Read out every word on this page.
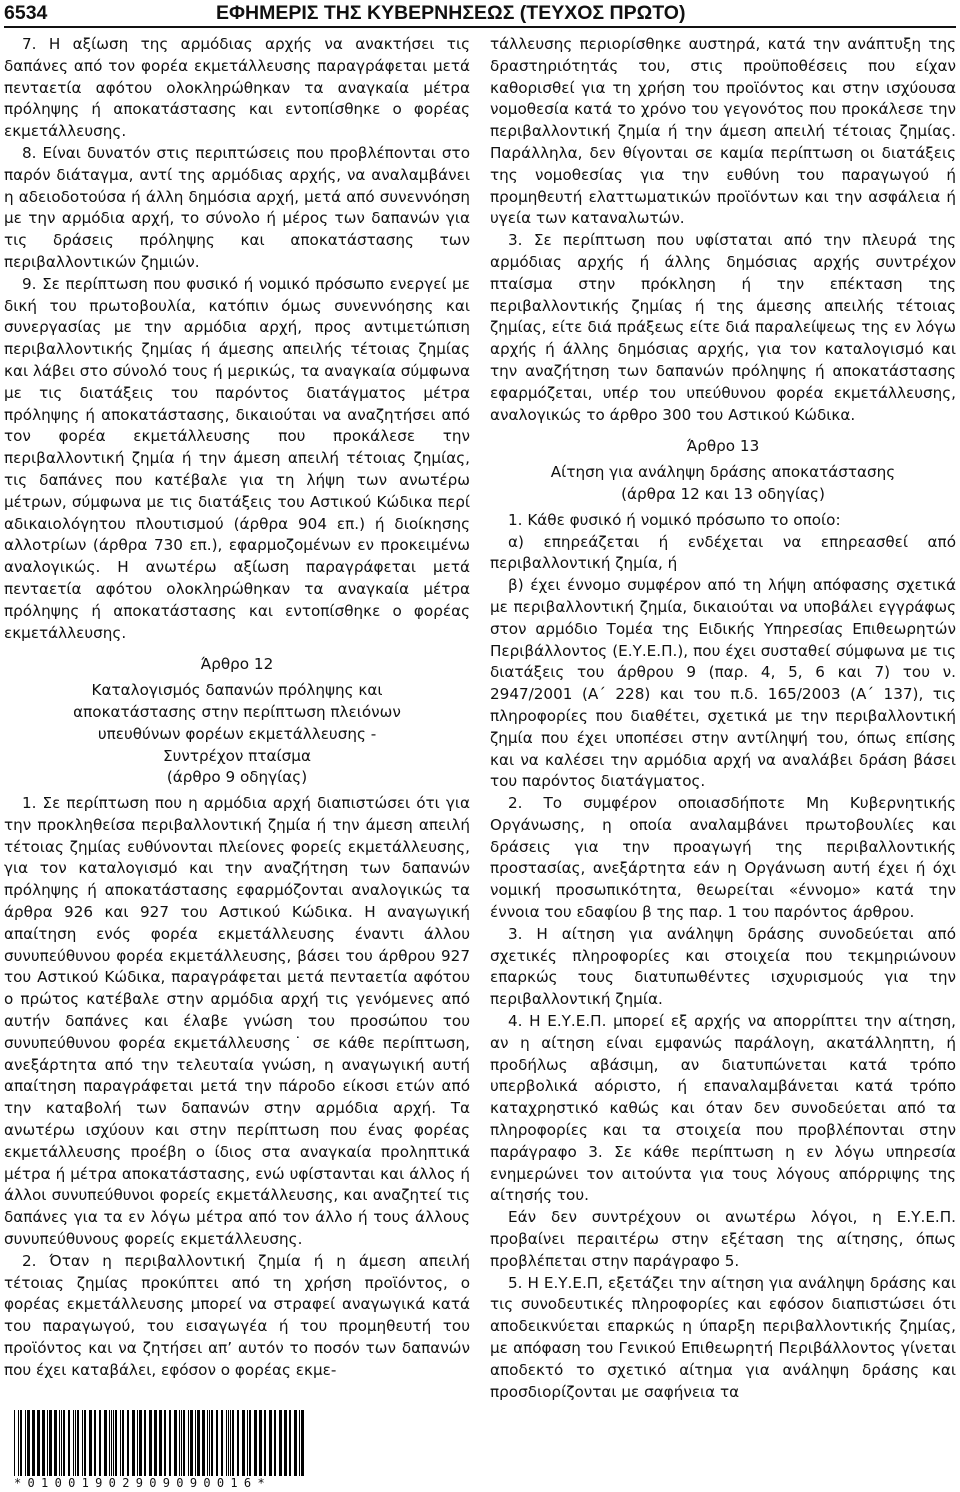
6534	ΕΦΗΜΕΡΙΣ ΤΗΣ ΚΥΒΕΡΝΗΣΕΩΣ (ΤΕΥΧΟΣ ΠΡΩΤΟ)

7. Η αξίωση της αρμόδιας αρχής να ανακτήσει τις δαπάνες από τον φορέα εκμετάλλευσης παραγράφεται μετά πενταετία αφότου ολοκληρώθηκαν τα αναγκαία μέτρα πρόληψης ή αποκατάστασης και εντοπίσθηκε ο φορέας εκμετάλλευσης.

8. Είναι δυνατόν στις περιπτώσεις που προβλέπονται στο παρόν διάταγμα, αντί της αρμόδιας αρχής, να αναλαμβάνει η αδειοδοτούσα ή άλλη δημόσια αρχή, μετά από συνεννόηση με την αρμόδια αρχή, το σύνολο ή μέρος των δαπανών για τις δράσεις πρόληψης και αποκατάστασης των περιβαλλοντικών ζημιών.

9. Σε περίπτωση που φυσικό ή νομικό πρόσωπο ενεργεί με δική του πρωτοβουλία, κατόπιν όμως συνεννόησης και συνεργασίας με την αρμόδια αρχή, προς αντιμετώπιση περιβαλλοντικής ζημίας ή άμεσης απειλής τέτοιας ζημίας και λάβει στο σύνολό τους ή μερικώς, τα αναγκαία σύμφωνα με τις διατάξεις του παρόντος διατάγματος μέτρα πρόληψης ή αποκατάστασης, δικαιούται να αναζητήσει από τον φορέα εκμετάλλευσης που προκάλεσε την περιβαλλοντική ζημία ή την άμεση απειλή τέτοιας ζημίας, τις δαπάνες που κατέβαλε για τη λήψη των ανωτέρω μέτρων, σύμφωνα με τις διατάξεις του Αστικού Κώδικα περί αδικαιολόγητου πλουτισμού (άρθρα 904 επ.) ή διοίκησης αλλοτρίων (άρθρα 730 επ.), εφαρμοζομένων εν προκειμένω αναλογικώς. Η ανωτέρω αξίωση παραγράφεται μετά πενταετία αφότου ολοκληρώθηκαν τα αναγκαία μέτρα πρόληψης ή αποκατάστασης και εντοπίσθηκε ο φορέας εκμετάλλευσης.

Άρθρο 12
Καταλογισμός δαπανών πρόληψης και
αποκατάστασης στην περίπτωση πλειόνων
υπευθύνων φορέων εκμετάλλευσης -
Συντρέχον πταίσμα
(άρθρο 9 οδηγίας)

1. Σε περίπτωση που η αρμόδια αρχή διαπιστώσει ότι για την προκληθείσα περιβαλλοντική ζημία ή την άμεση απειλή τέτοιας ζημίας ευθύνονται πλείονες φορείς εκμετάλλευσης, για τον καταλογισμό και την αναζήτηση των δαπανών πρόληψης ή αποκατάστασης εφαρμόζονται αναλογικώς τα άρθρα 926 και 927 του Αστικού Κώδικα. Η αναγωγική απαίτηση ενός φορέα εκμετάλλευσης έναντι άλλου συνυπεύθυνου φορέα εκμετάλλευσης, βάσει του άρθρου 927 του Αστικού Κώδικα, παραγράφεται μετά πενταετία αφότου ο πρώτος κατέβαλε στην αρμόδια αρχή τις γενόμενες από αυτήν δαπάνες και έλαβε γνώση του προσώπου του συνυπεύθυνου φορέα εκμετάλλευσης˙ σε κάθε περίπτωση, ανεξάρτητα από την τελευταία γνώση, η αναγωγική αυτή απαίτηση παραγράφεται μετά την πάροδο είκοσι ετών από την καταβολή των δαπανών στην αρμόδια αρχή. Τα ανωτέρω ισχύουν και στην περίπτωση που ένας φορέας εκμετάλλευσης προέβη ο ίδιος στα αναγκαία προληπτικά μέτρα ή μέτρα αποκατάστασης, ενώ υφίστανται και άλλος ή άλλοι συνυπεύθυνοι φορείς εκμετάλλευσης, και αναζητεί τις δαπάνες για τα εν λόγω μέτρα από τον άλλο ή τους άλλους συνυπεύθυνους φορείς εκμετάλλευσης.

2. Όταν η περιβαλλοντική ζημία ή η άμεση απειλή τέτοιας ζημίας προκύπτει από τη χρήση προϊόντος, ο φορέας εκμετάλλευσης μπορεί να στραφεί αναγωγικά κατά του παραγωγού, του εισαγωγέα ή του προμηθευτή του προϊόντος και να ζητήσει απ’ αυτόν το ποσόν των δαπανών που έχει καταβάλει, εφόσον ο φορέας εκμε-

τάλλευσης περιορίσθηκε αυστηρά, κατά την ανάπτυξη της δραστηριότητάς του, στις προϋποθέσεις που είχαν καθορισθεί για τη χρήση του προϊόντος και στην ισχύουσα νομοθεσία κατά το χρόνο του γεγονότος που προκάλεσε την περιβαλλοντική ζημία ή την άμεση απειλή τέτοιας ζημίας. Παράλληλα, δεν θίγονται σε καμία περίπτωση οι διατάξεις της νομοθεσίας για την ευθύνη του παραγωγού ή προμηθευτή ελαττωματικών προϊόντων και την ασφάλεια ή υγεία των καταναλωτών.

3. Σε περίπτωση που υφίσταται από την πλευρά της αρμόδιας αρχής ή άλλης δημόσιας αρχής συντρέχον πταίσμα στην πρόκληση ή την επέκταση της περιβαλλοντικής ζημίας ή της άμεσης απειλής τέτοιας ζημίας, είτε διά πράξεως είτε διά παραλείψεως της εν λόγω αρχής ή άλλης δημόσιας αρχής, για τον καταλογισμό και την αναζήτηση των δαπανών πρόληψης ή αποκατάστασης εφαρμόζεται, υπέρ του υπεύθυνου φορέα εκμετάλλευσης, αναλογικώς το άρθρο 300 του Αστικού Κώδικα.

Άρθρο 13
Αίτηση για ανάληψη δράσης αποκατάστασης
(άρθρα 12 και 13 οδηγίας)

1. Κάθε φυσικό ή νομικό πρόσωπο το οποίο:

α) επηρεάζεται ή ενδέχεται να επηρεασθεί από περιβαλλοντική ζημία, ή

β) έχει έννομο συμφέρον από τη λήψη απόφασης σχετικά με περιβαλλοντική ζημία, δικαιούται να υποβάλει εγγράφως στον αρμόδιο Τομέα της Ειδικής Υπηρεσίας Επιθεωρητών Περιβάλλοντος (Ε.Υ.Ε.Π.), που έχει συσταθεί σύμφωνα με τις διατάξεις του άρθρου 9 (παρ. 4, 5, 6 και 7) του ν. 2947/2001 (Α΄ 228) και του π.δ. 165/2003 (Α΄ 137), τις πληροφορίες που διαθέτει, σχετικά με την περιβαλλοντική ζημία που έχει υποπέσει στην αντίληψή του, όπως επίσης και να καλέσει την αρμόδια αρχή να αναλάβει δράση βάσει του παρόντος διατάγματος.

2. Το συμφέρον οποιασδήποτε Μη Κυβερνητικής Οργάνωσης, η οποία αναλαμβάνει πρωτοβουλίες και δράσεις για την προαγωγή της περιβαλλοντικής προστασίας, ανεξάρτητα εάν η Οργάνωση αυτή έχει ή όχι νομική προσωπικότητα, θεωρείται «έννομο» κατά την έννοια του εδαφίου β της παρ. 1 του παρόντος άρθρου.

3. Η αίτηση για ανάληψη δράσης συνοδεύεται από σχετικές πληροφορίες και στοιχεία που τεκμηριώνουν επαρκώς τους διατυπωθέντες ισχυρισμούς για την περιβαλλοντική ζημία.

4. Η Ε.Υ.Ε.Π. μπορεί εξ αρχής να απορρίπτει την αίτηση, αν η αίτηση είναι εμφανώς παράλογη, ακατάλληπτη, ή προδήλως αβάσιμη, αν διατυπώνεται κατά τρόπο υπερβολικά αόριστο, ή επαναλαμβάνεται κατά τρόπο καταχρηστικό καθώς και όταν δεν συνοδεύεται από τα πληροφορίες και τα στοιχεία που προβλέπονται στην παράγραφο 3. Σε κάθε περίπτωση η εν λόγω υπηρεσία ενημερώνει τον αιτούντα για τους λόγους απόρριψης της αίτησής του.

Εάν δεν συντρέχουν οι ανωτέρω λόγοι, η Ε.Υ.Ε.Π. προβαίνει περαιτέρω στην εξέταση της αίτησης, όπως προβλέπεται στην παράγραφο 5.

5. Η Ε.Υ.Ε.Π, εξετάζει την αίτηση για ανάληψη δράσης και τις συνοδευτικές πληροφορίες και εφόσον διαπιστώσει ότι αποδεικνύεται επαρκώς η ύπαρξη περιβαλλοντικής ζημίας, με απόφαση του Γενικού Επιθεωρητή Περιβάλλοντος γίνεται αποδεκτό το σχετικό αίτημα για ανάληψη δράσης και προσδιορίζονται με σαφήνεια τα

*01001902909090016*
